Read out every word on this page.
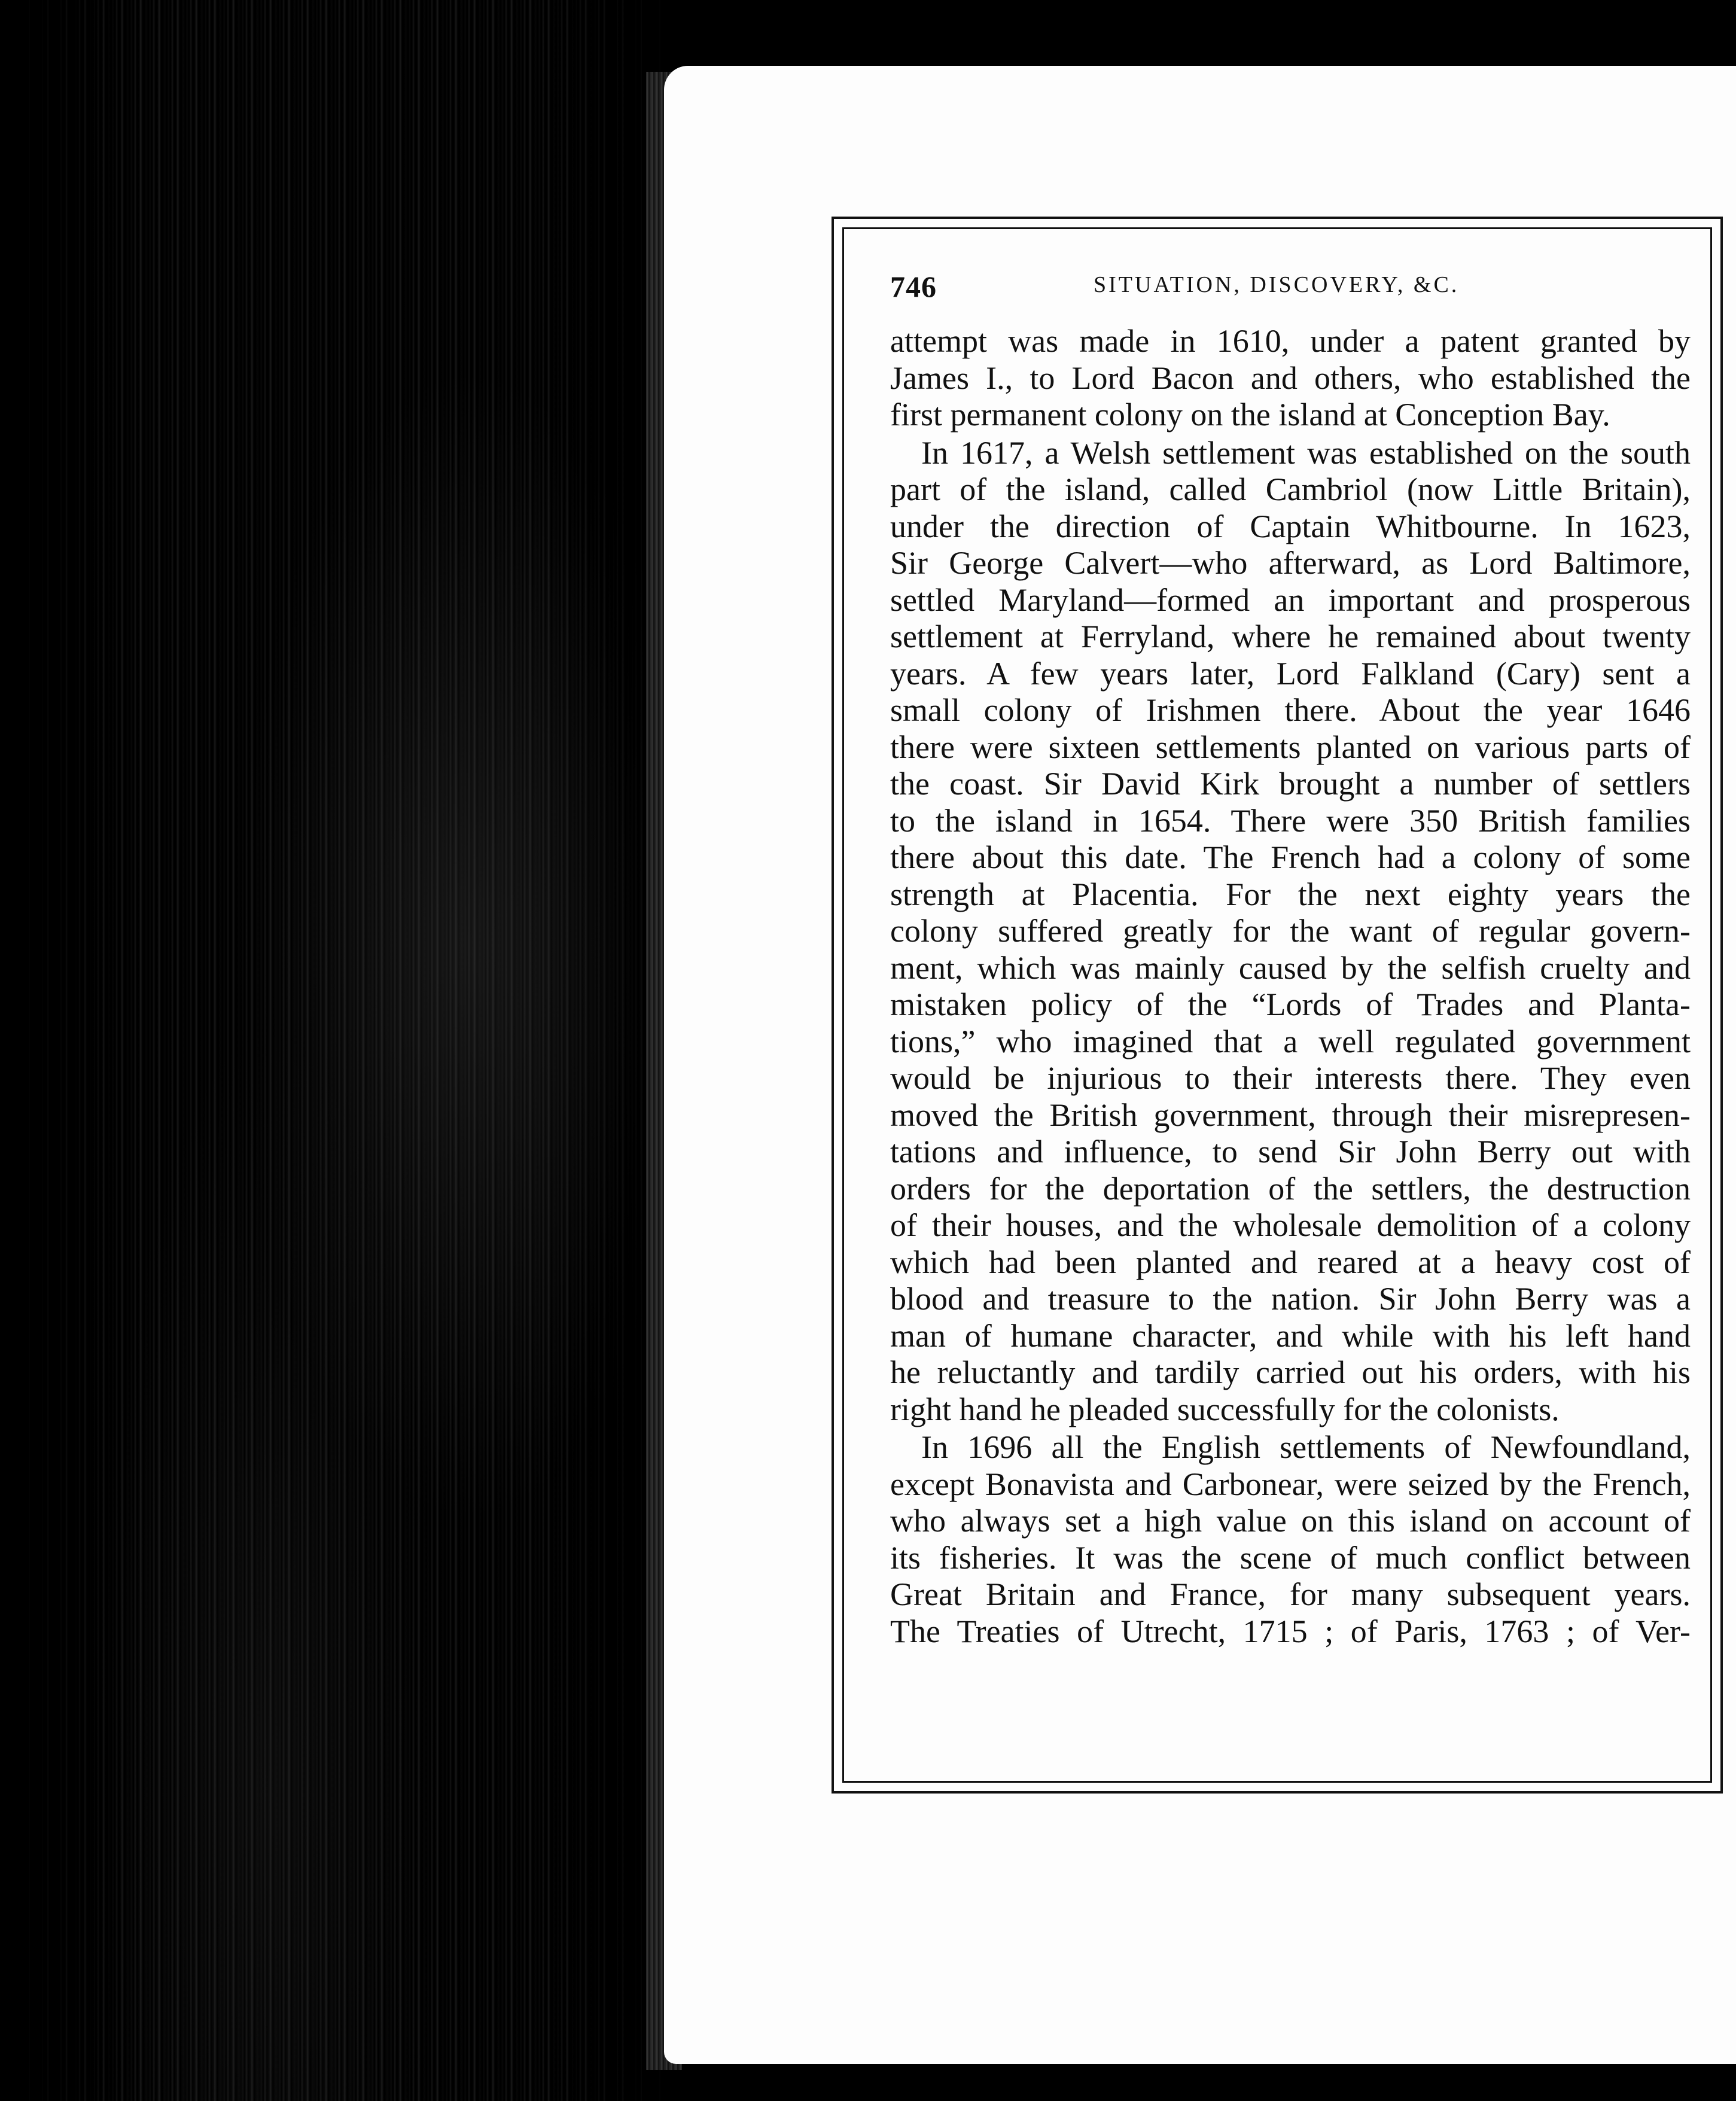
746	SITUATION, DISCOVERY, &C.

attempt was made in 1610, under a patent granted by
James I., to Lord Bacon and others, who established the
first permanent colony on the island at Conception Bay.

In 1617, a Welsh settlement was established on the south
part of the island, called Cambriol (now Little Britain),
under the direction of Captain Whitbourne. In 1623,
Sir George Calvert—who afterward, as Lord Baltimore,
settled Maryland—formed an important and prosperous
settlement at Ferryland, where he remained about twenty
years. A few years later, Lord Falkland (Cary) sent a
small colony of Irishmen there. About the year 1646
there were sixteen settlements planted on various parts of
the coast. Sir David Kirk brought a number of settlers
to the island in 1654. There were 350 British families
there about this date. The French had a colony of some
strength at Placentia. For the next eighty years the
colony suffered greatly for the want of regular govern-
ment, which was mainly caused by the selfish cruelty and
mistaken policy of the “Lords of Trades and Planta-
tions,” who imagined that a well regulated government
would be injurious to their interests there. They even
moved the British government, through their misrepresen-
tations and influence, to send Sir John Berry out with
orders for the deportation of the settlers, the destruction
of their houses, and the wholesale demolition of a colony
which had been planted and reared at a heavy cost of
blood and treasure to the nation. Sir John Berry was a
man of humane character, and while with his left hand
he reluctantly and tardily carried out his orders, with his
right hand he pleaded successfully for the colonists.

In 1696 all the English settlements of Newfoundland,
except Bonavista and Carbonear, were seized by the French,
who always set a high value on this island on account of
its fisheries. It was the scene of much conflict between
Great Britain and France, for many subsequent years.
The Treaties of Utrecht, 1715 ; of Paris, 1763 ; of Ver-
